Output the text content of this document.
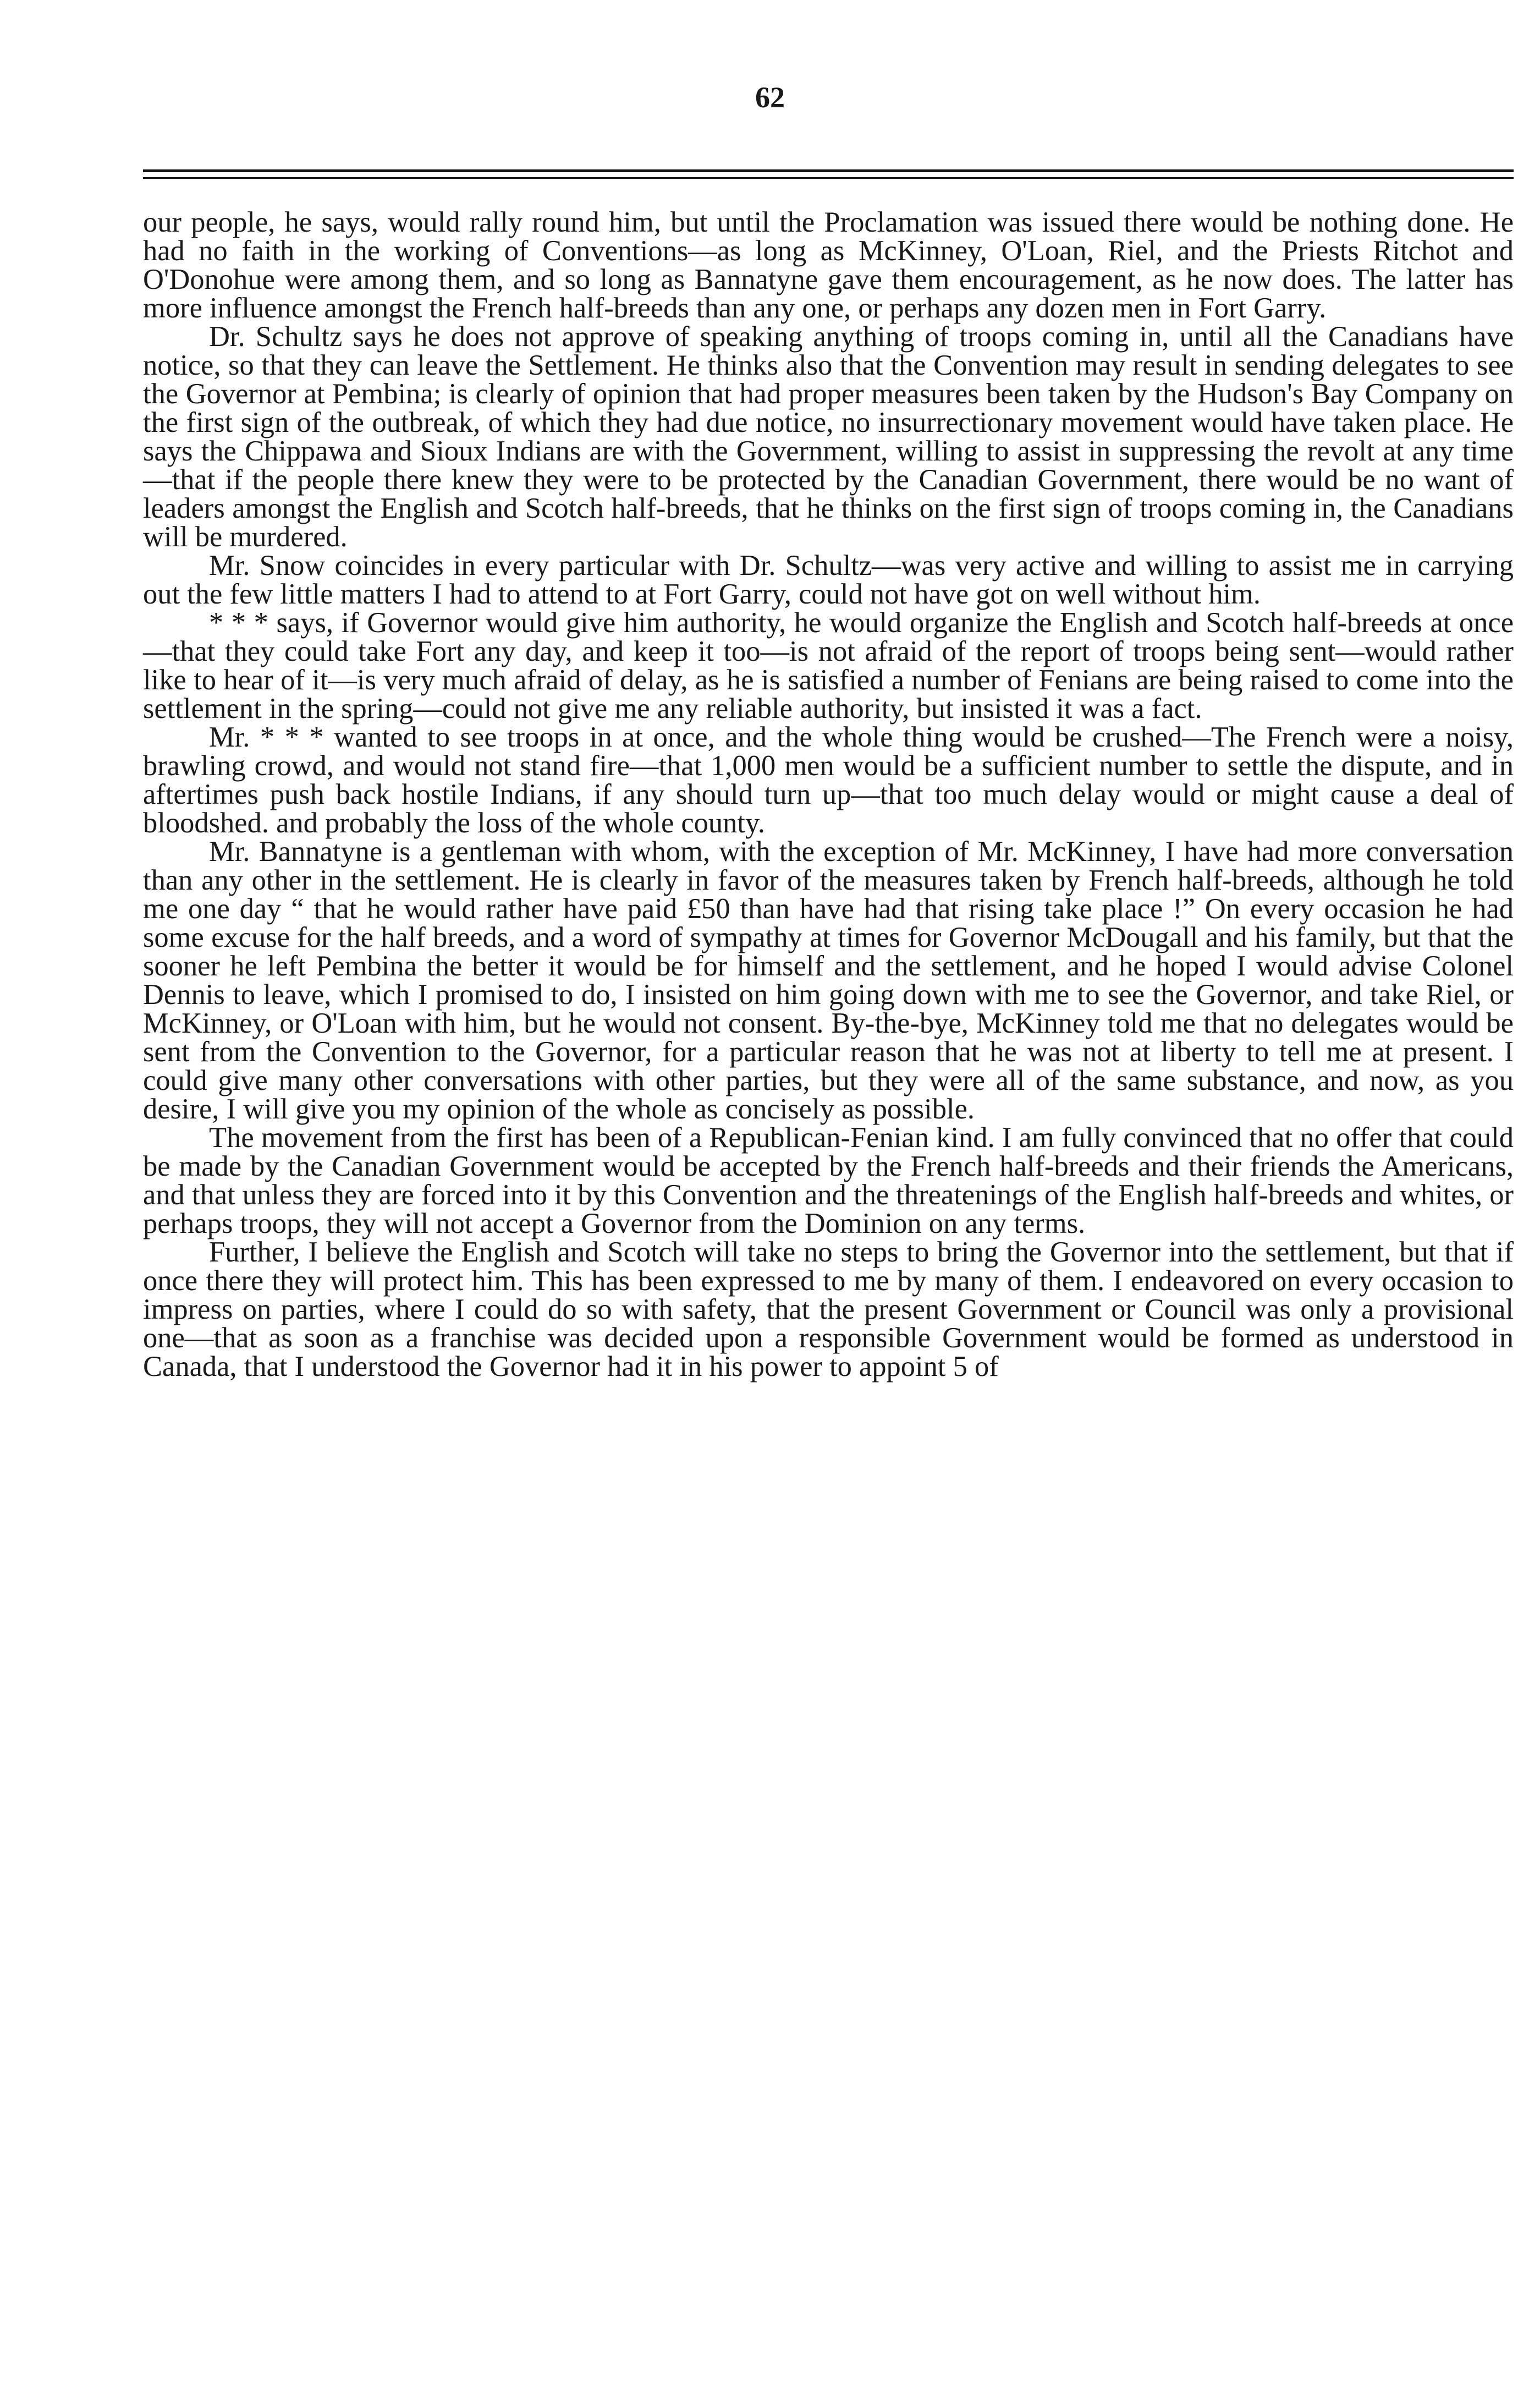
62

our people, he says, would rally round him, but until the Proclamation was issued there would be nothing done. He had no faith in the working of Conventions—as long as McKinney, O'Loan, Riel, and the Priests Ritchot and O'Donohue were among them, and so long as Bannatyne gave them encouragement, as he now does. The latter has more influence amongst the French half-breeds than any one, or perhaps any dozen men in Fort Garry.

Dr. Schultz says he does not approve of speaking anything of troops coming in, until all the Canadians have notice, so that they can leave the Settlement. He thinks also that the Convention may result in sending delegates to see the Governor at Pembina; is clearly of opinion that had proper measures been taken by the Hudson's Bay Company on the first sign of the outbreak, of which they had due notice, no insurrectionary movement would have taken place. He says the Chippawa and Sioux Indians are with the Government, willing to assist in suppressing the revolt at any time—that if the people there knew they were to be protected by the Canadian Government, there would be no want of leaders amongst the English and Scotch half-breeds, that he thinks on the first sign of troops coming in, the Canadians will be murdered.

Mr. Snow coincides in every particular with Dr. Schultz—was very active and willing to assist me in carrying out the few little matters I had to attend to at Fort Garry, could not have got on well without him.

* * * says, if Governor would give him authority, he would organize the English and Scotch half-breeds at once—that they could take Fort any day, and keep it too—is not afraid of the report of troops being sent—would rather like to hear of it—is very much afraid of delay, as he is satisfied a number of Fenians are being raised to come into the settlement in the spring—could not give me any reliable authority, but insisted it was a fact.

Mr. * * * wanted to see troops in at once, and the whole thing would be crushed—The French were a noisy, brawling crowd, and would not stand fire—that 1,000 men would be a sufficient number to settle the dispute, and in aftertimes push back hostile Indians, if any should turn up—that too much delay would or might cause a deal of bloodshed. and probably the loss of the whole county.

Mr. Bannatyne is a gentleman with whom, with the exception of Mr. McKinney, I have had more conversation than any other in the settlement. He is clearly in favor of the measures taken by French half-breeds, although he told me one day “ that he would rather have paid £50 than have had that rising take place !” On every occasion he had some excuse for the half breeds, and a word of sympathy at times for Governor McDougall and his family, but that the sooner he left Pembina the better it would be for himself and the settlement, and he hoped I would advise Colonel Dennis to leave, which I promised to do, I insisted on him going down with me to see the Governor, and take Riel, or McKinney, or O'Loan with him, but he would not consent. By-the-bye, McKinney told me that no delegates would be sent from the Convention to the Governor, for a particular reason that he was not at liberty to tell me at present. I could give many other conversations with other parties, but they were all of the same substance, and now, as you desire, I will give you my opinion of the whole as concisely as possible.

The movement from the first has been of a Republican-Fenian kind. I am fully convinced that no offer that could be made by the Canadian Government would be accepted by the French half-breeds and their friends the Americans, and that unless they are forced into it by this Convention and the threatenings of the English half-breeds and whites, or perhaps troops, they will not accept a Governor from the Dominion on any terms.

Further, I believe the English and Scotch will take no steps to bring the Governor into the settlement, but that if once there they will protect him. This has been expressed to me by many of them. I endeavored on every occasion to impress on parties, where I could do so with safety, that the present Government or Council was only a provisional one—that as soon as a franchise was decided upon a responsible Government would be formed as understood in Canada, that I understood the Governor had it in his power to appoint 5 of
